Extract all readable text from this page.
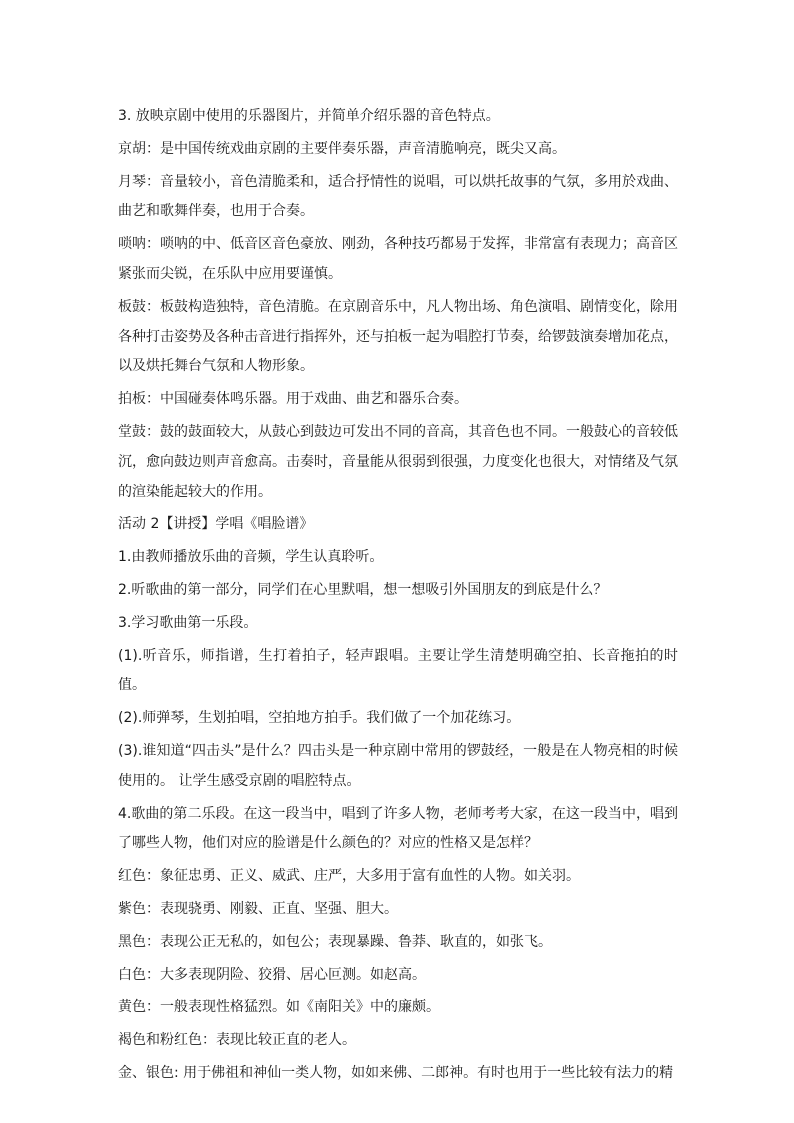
3. 放映京剧中使用的乐器图片，并简单介绍乐器的音色特点。

京胡：是中国传统戏曲京剧的主要伴奏乐器，声音清脆响亮，既尖又高。

月琴：音量较小，音色清脆柔和，适合抒情性的说唱，可以烘托故事的气氛，多用於戏曲、曲艺和歌舞伴奏，也用于合奏。

唢呐：唢呐的中、低音区音色豪放、刚劲，各种技巧都易于发挥，非常富有表现力；高音区紧张而尖锐，在乐队中应用要谨慎。

板鼓：板鼓构造独特，音色清脆。在京剧音乐中，凡人物出场、角色演唱、剧情变化，除用各种打击姿势及各种击音进行指挥外，还与拍板一起为唱腔打节奏，给锣鼓演奏增加花点，以及烘托舞台气氛和人物形象。

拍板：中国碰奏体鸣乐器。用于戏曲、曲艺和器乐合奏。

堂鼓：鼓的鼓面较大，从鼓心到鼓边可发出不同的音高，其音色也不同。一般鼓心的音较低沉，愈向鼓边则声音愈高。击奏时，音量能从很弱到很强，力度变化也很大，对情绪及气氛的渲染能起较大的作用。

活动 2【讲授】学唱《唱脸谱》

1.由教师播放乐曲的音频，学生认真聆听。

2.听歌曲的第一部分，同学们在心里默唱，想一想吸引外国朋友的到底是什么？

3.学习歌曲第一乐段。

(1).听音乐，师指谱，生打着拍子，轻声跟唱。主要让学生清楚明确空拍、长音拖拍的时值。

(2).师弹琴，生划拍唱，空拍地方拍手。我们做了一个加花练习。

(3).谁知道“四击头”是什么？四击头是一种京剧中常用的锣鼓经，一般是在人物亮相的时候使用的。 让学生感受京剧的唱腔特点。

4.歌曲的第二乐段。在这一段当中，唱到了许多人物，老师考考大家，在这一段当中，唱到了哪些人物，他们对应的脸谱是什么颜色的？对应的性格又是怎样？

红色：象征忠勇、正义、威武、庄严，大多用于富有血性的人物。如关羽。

紫色：表现骁勇、刚毅、正直、坚强、胆大。

黑色：表现公正无私的，如包公；表现暴躁、鲁莽、耿直的，如张飞。

白色：大多表现阴险、狡猾、居心叵测。如赵高。

黄色：一般表现性格猛烈。如《南阳关》中的廉颇。

褐色和粉红色：表现比较正直的老人。

金、银色: 用于佛祖和神仙一类人物，如如来佛、二郎神。有时也用于一些比较有法力的精
